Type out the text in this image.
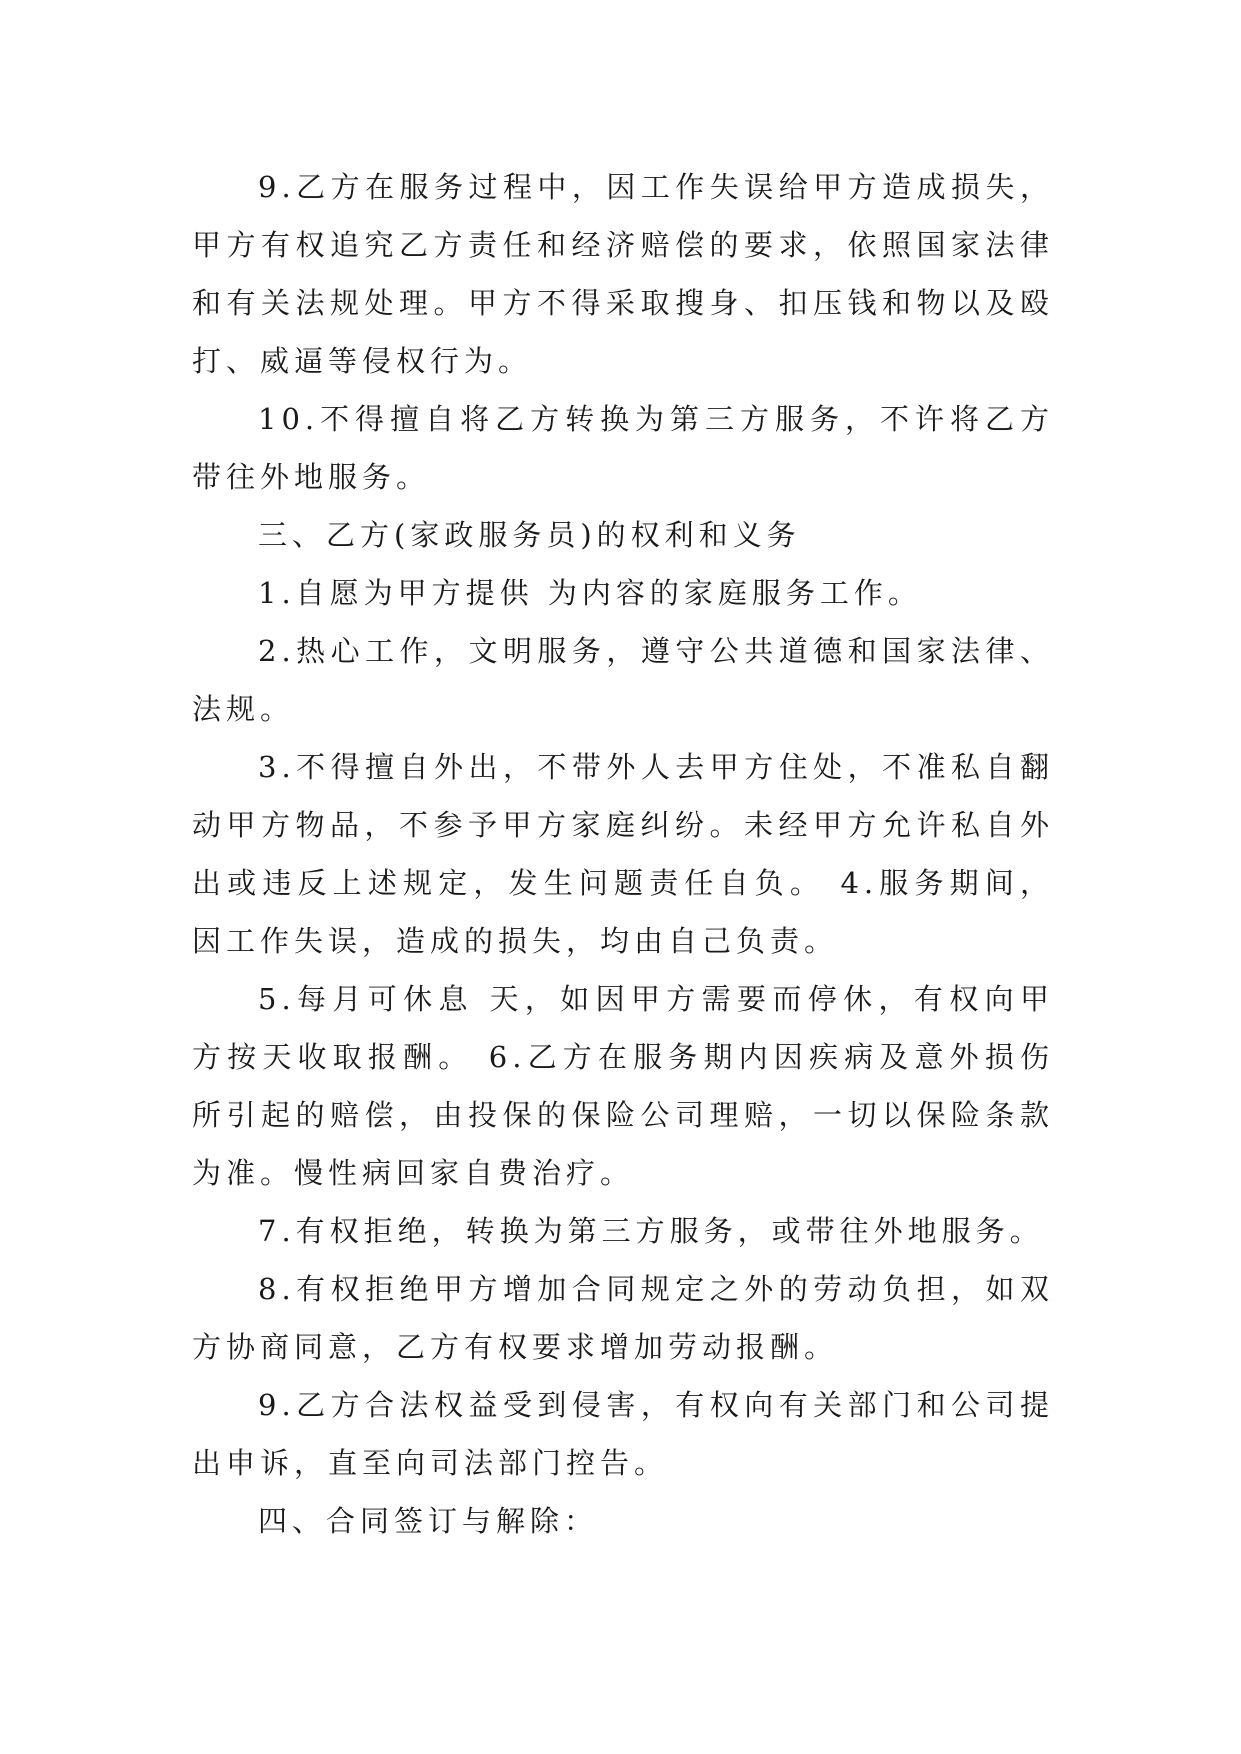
9.乙方在服务过程中，因工作失误给甲方造成损失，甲方有权追究乙方责任和经济赔偿的要求，依照国家法律和有关法规处理。甲方不得采取搜身、扣压钱和物以及殴打、威逼等侵权行为。

10.不得擅自将乙方转换为第三方服务，不许将乙方带往外地服务。

三、乙方(家政服务员)的权利和义务

1.自愿为甲方提供 为内容的家庭服务工作。

2.热心工作，文明服务，遵守公共道德和国家法律、法规。

3.不得擅自外出，不带外人去甲方住处，不准私自翻动甲方物品，不参予甲方家庭纠纷。未经甲方允许私自外出或违反上述规定，发生问题责任自负。 4.服务期间，因工作失误，造成的损失，均由自己负责。

5.每月可休息 天，如因甲方需要而停休，有权向甲方按天收取报酬。 6.乙方在服务期内因疾病及意外损伤所引起的赔偿，由投保的保险公司理赔，一切以保险条款为准。慢性病回家自费治疗。

7.有权拒绝，转换为第三方服务，或带往外地服务。

8.有权拒绝甲方增加合同规定之外的劳动负担，如双方协商同意，乙方有权要求增加劳动报酬。

9.乙方合法权益受到侵害，有权向有关部门和公司提出申诉，直至向司法部门控告。

四、合同签订与解除：
